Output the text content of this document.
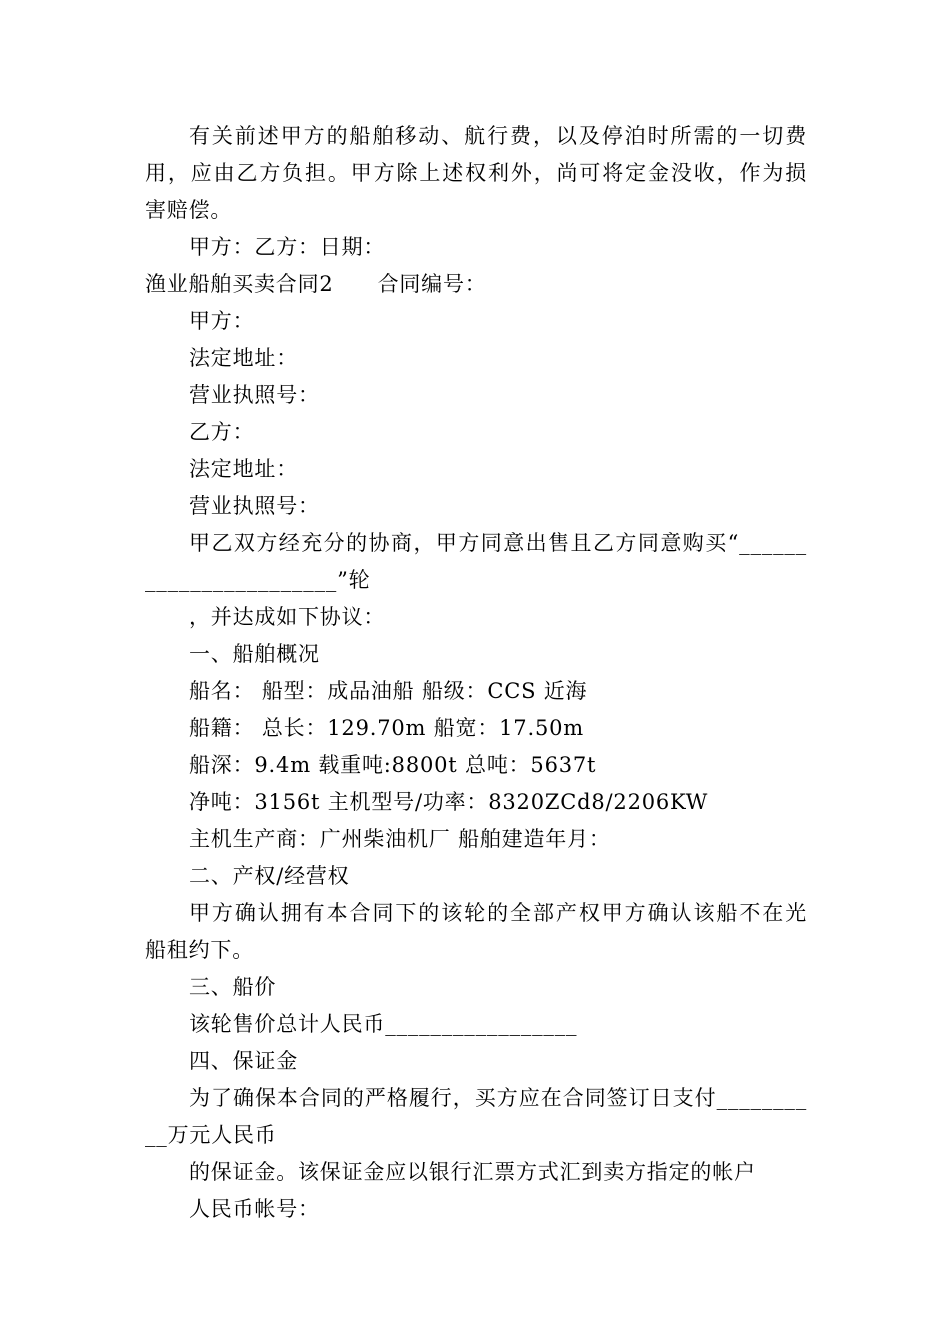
有关前述甲方的船舶移动、航行费，以及停泊时所需的一切费
用，应由乙方负担。甲方除上述权利外，尚可将定金没收，作为损
害赔偿。
甲方：乙方：日期：
渔业船舶买卖合同2 合同编号：
甲方：
法定地址：
营业执照号：
乙方：
法定地址：
营业执照号：
甲乙双方经充分的协商，甲方同意出售且乙方同意购买“______
_________________”轮
，并达成如下协议：
一、船舶概况
船名： 船型：成品油船 船级：CCS 近海
船籍： 总长：129.70m 船宽：17.50m
船深：9.4m 载重吨:8800t 总吨：5637t
净吨：3156t 主机型号/功率：8320ZCd8/2206KW
主机生产商：广州柴油机厂 船舶建造年月：
二、产权/经营权
甲方确认拥有本合同下的该轮的全部产权甲方确认该船不在光
船租约下。
三、船价
该轮售价总计人民币_________________
四、保证金
为了确保本合同的严格履行，买方应在合同签订日支付________
__万元人民币
的保证金。该保证金应以银行汇票方式汇到卖方指定的帐户
人民币帐号：
